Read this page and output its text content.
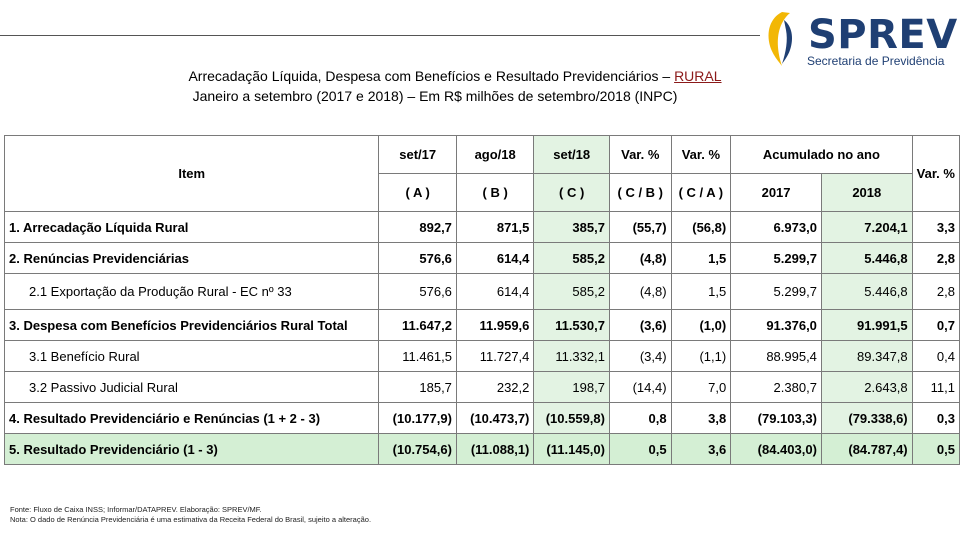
Arrecadação Líquida, Despesa com Benefícios e Resultado Previdenciários – RURAL
Janeiro a setembro (2017 e 2018) – Em R$ milhões de setembro/2018 (INPC)
SPREV
Secretaria de Previdência
Item	set/17	ago/18	set/18	Var. %	Var. %	Acumulado no ano		Var. %
	( A )	( B )	( C )	( C / B )	( C / A )	2017	2018	
1. Arrecadação Líquida Rural	892,7	871,5	385,7	(55,7)	(56,8)	6.973,0	7.204,1	3,3
2. Renúncias Previdenciárias	576,6	614,4	585,2	(4,8)	1,5	5.299,7	5.446,8	2,8
2.1 Exportação da Produção Rural - EC nº 33	576,6	614,4	585,2	(4,8)	1,5	5.299,7	5.446,8	2,8
3. Despesa com Benefícios Previdenciários Rural Total	11.647,2	11.959,6	11.530,7	(3,6)	(1,0)	91.376,0	91.991,5	0,7
3.1 Benefício Rural	11.461,5	11.727,4	11.332,1	(3,4)	(1,1)	88.995,4	89.347,8	0,4
3.2 Passivo Judicial Rural	185,7	232,2	198,7	(14,4)	7,0	2.380,7	2.643,8	11,1
4. Resultado Previdenciário e Renúncias (1 + 2 - 3)	(10.177,9)	(10.473,7)	(10.559,8)	0,8	3,8	(79.103,3)	(79.338,6)	0,3
5. Resultado Previdenciário (1 - 3)	(10.754,6)	(11.088,1)	(11.145,0)	0,5	3,6	(84.403,0)	(84.787,4)	0,5
Fonte: Fluxo de Caixa INSS; Informar/DATAPREV. Elaboração: SPREV/MF.
Nota: O dado de Renúncia Previdenciária é uma estimativa da Receita Federal do Brasil, sujeito a alteração.
